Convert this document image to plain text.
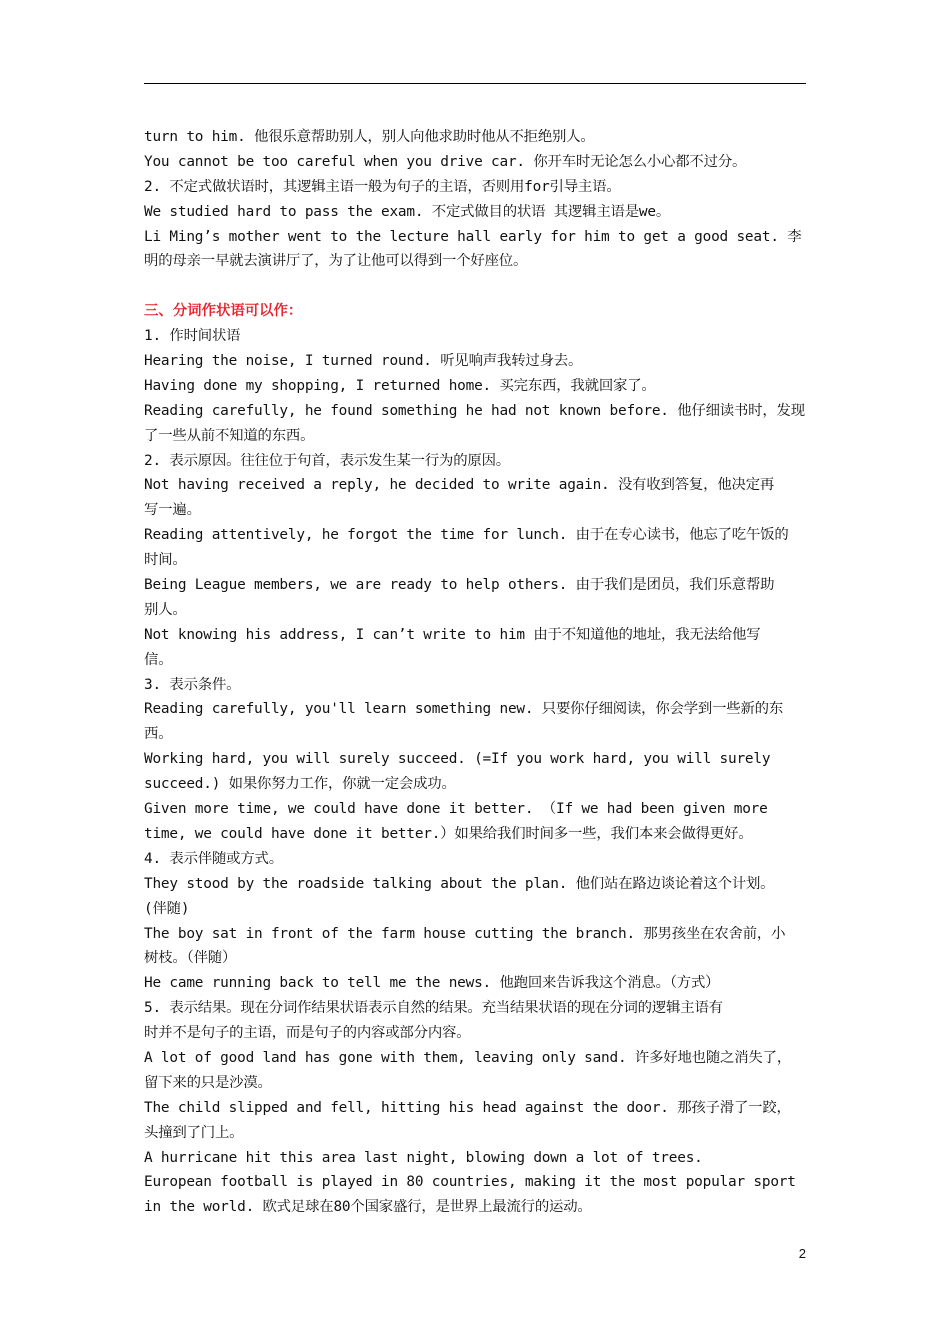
turn to him. 他很乐意帮助别人，别人向他求助时他从不拒绝别人。
You cannot be too careful when you drive car. 你开车时无论怎么小心都不过分。
2. 不定式做状语时，其逻辑主语一般为句子的主语，否则用for引导主语。
We studied hard to pass the exam. 不定式做目的状语 其逻辑主语是we。
Li Ming’s mother went to the lecture hall early for him to get a good seat. 李
明的母亲一早就去演讲厅了，为了让他可以得到一个好座位。
三、分词作状语可以作：
1. 作时间状语
Hearing the noise, I turned round. 听见响声我转过身去。
Having done my shopping, I returned home. 买完东西，我就回家了。
Reading carefully, he found something he had not known before. 他仔细读书时，发现
了一些从前不知道的东西。
2. 表示原因。往往位于句首，表示发生某一行为的原因。
Not having received a reply, he decided to write again. 没有收到答复，他决定再
写一遍。
Reading attentively, he forgot the time for lunch. 由于在专心读书，他忘了吃午饭的
时间。
Being League members, we are ready to help others. 由于我们是团员，我们乐意帮助
别人。
Not knowing his address, I can’t write to him 由于不知道他的地址，我无法给他写
信。
3. 表示条件。
Reading carefully, you'll learn something new. 只要你仔细阅读，你会学到一些新的东
西。
Working hard, you will surely succeed. (=If you work hard, you will surely
succeed.) 如果你努力工作，你就一定会成功。
Given more time, we could have done it better. （If we had been given more
time, we could have done it better.）如果给我们时间多一些，我们本来会做得更好。
4. 表示伴随或方式。
They stood by the roadside talking about the plan. 他们站在路边谈论着这个计划。
(伴随)
The boy sat in front of the farm house cutting the branch. 那男孩坐在农舍前，小
树枝。（伴随）
He came running back to tell me the news. 他跑回来告诉我这个消息。（方式）
5. 表示结果。现在分词作结果状语表示自然的结果。充当结果状语的现在分词的逻辑主语有
时并不是句子的主语，而是句子的内容或部分内容。
A lot of good land has gone with them, leaving only sand. 许多好地也随之消失了，
留下来的只是沙漠。
The child slipped and fell, hitting his head against the door. 那孩子滑了一跤，
头撞到了门上。
A hurricane hit this area last night, blowing down a lot of trees.
European football is played in 80 countries, making it the most popular sport
in the world. 欧式足球在80个国家盛行，是世界上最流行的运动。
2
